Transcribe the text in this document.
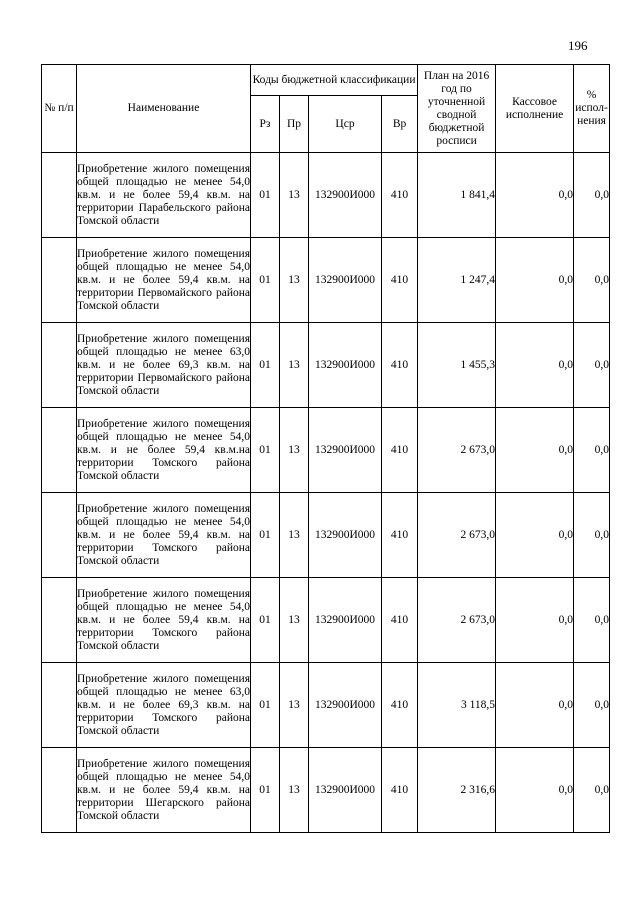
196
№ п/п	Наименование	Коды бюджетной классификации				План на 2016 год по уточненной сводной бюджетной росписи	Кассовое исполнение	% испол-нения
		Рз	Пр	Цср	Вр			
	Приобретение жилого помещения общей площадью не менее 54,0 кв.м. и не более 59,4 кв.м. на территории Парабельского района Томской области	01	13	132900И000	410	1 841,4	0,0	0,0
	Приобретение жилого помещения общей площадью не менее 54,0 кв.м. и не более 59,4 кв.м. на территории Первомайского района Томской области	01	13	132900И000	410	1 247,4	0,0	0,0
	Приобретение жилого помещения общей площадью не менее 63,0 кв.м. и не более 69,3 кв.м. на территории Первомайского района Томской области	01	13	132900И000	410	1 455,3	0,0	0,0
	Приобретение жилого помещения общей площадью не менее 54,0 кв.м. и не более 59,4 кв.м.на территории Томского района Томской области	01	13	132900И000	410	2 673,0	0,0	0,0
	Приобретение жилого помещения общей площадью не менее 54,0 кв.м. и не более 59,4 кв.м. на территории Томского района Томской области	01	13	132900И000	410	2 673,0	0,0	0,0
	Приобретение жилого помещения общей площадью не менее 54,0 кв.м. и не более 59,4 кв.м. на территории Томского района Томской области	01	13	132900И000	410	2 673,0	0,0	0,0
	Приобретение жилого помещения общей площадью не менее 63,0 кв.м. и не более 69,3 кв.м. на территории Томского района Томской области	01	13	132900И000	410	3 118,5	0,0	0,0
	Приобретение жилого помещения общей площадью не менее 54,0 кв.м. и не более 59,4 кв.м. на территории Шегарского района Томской области	01	13	132900И000	410	2 316,6	0,0	0,0
